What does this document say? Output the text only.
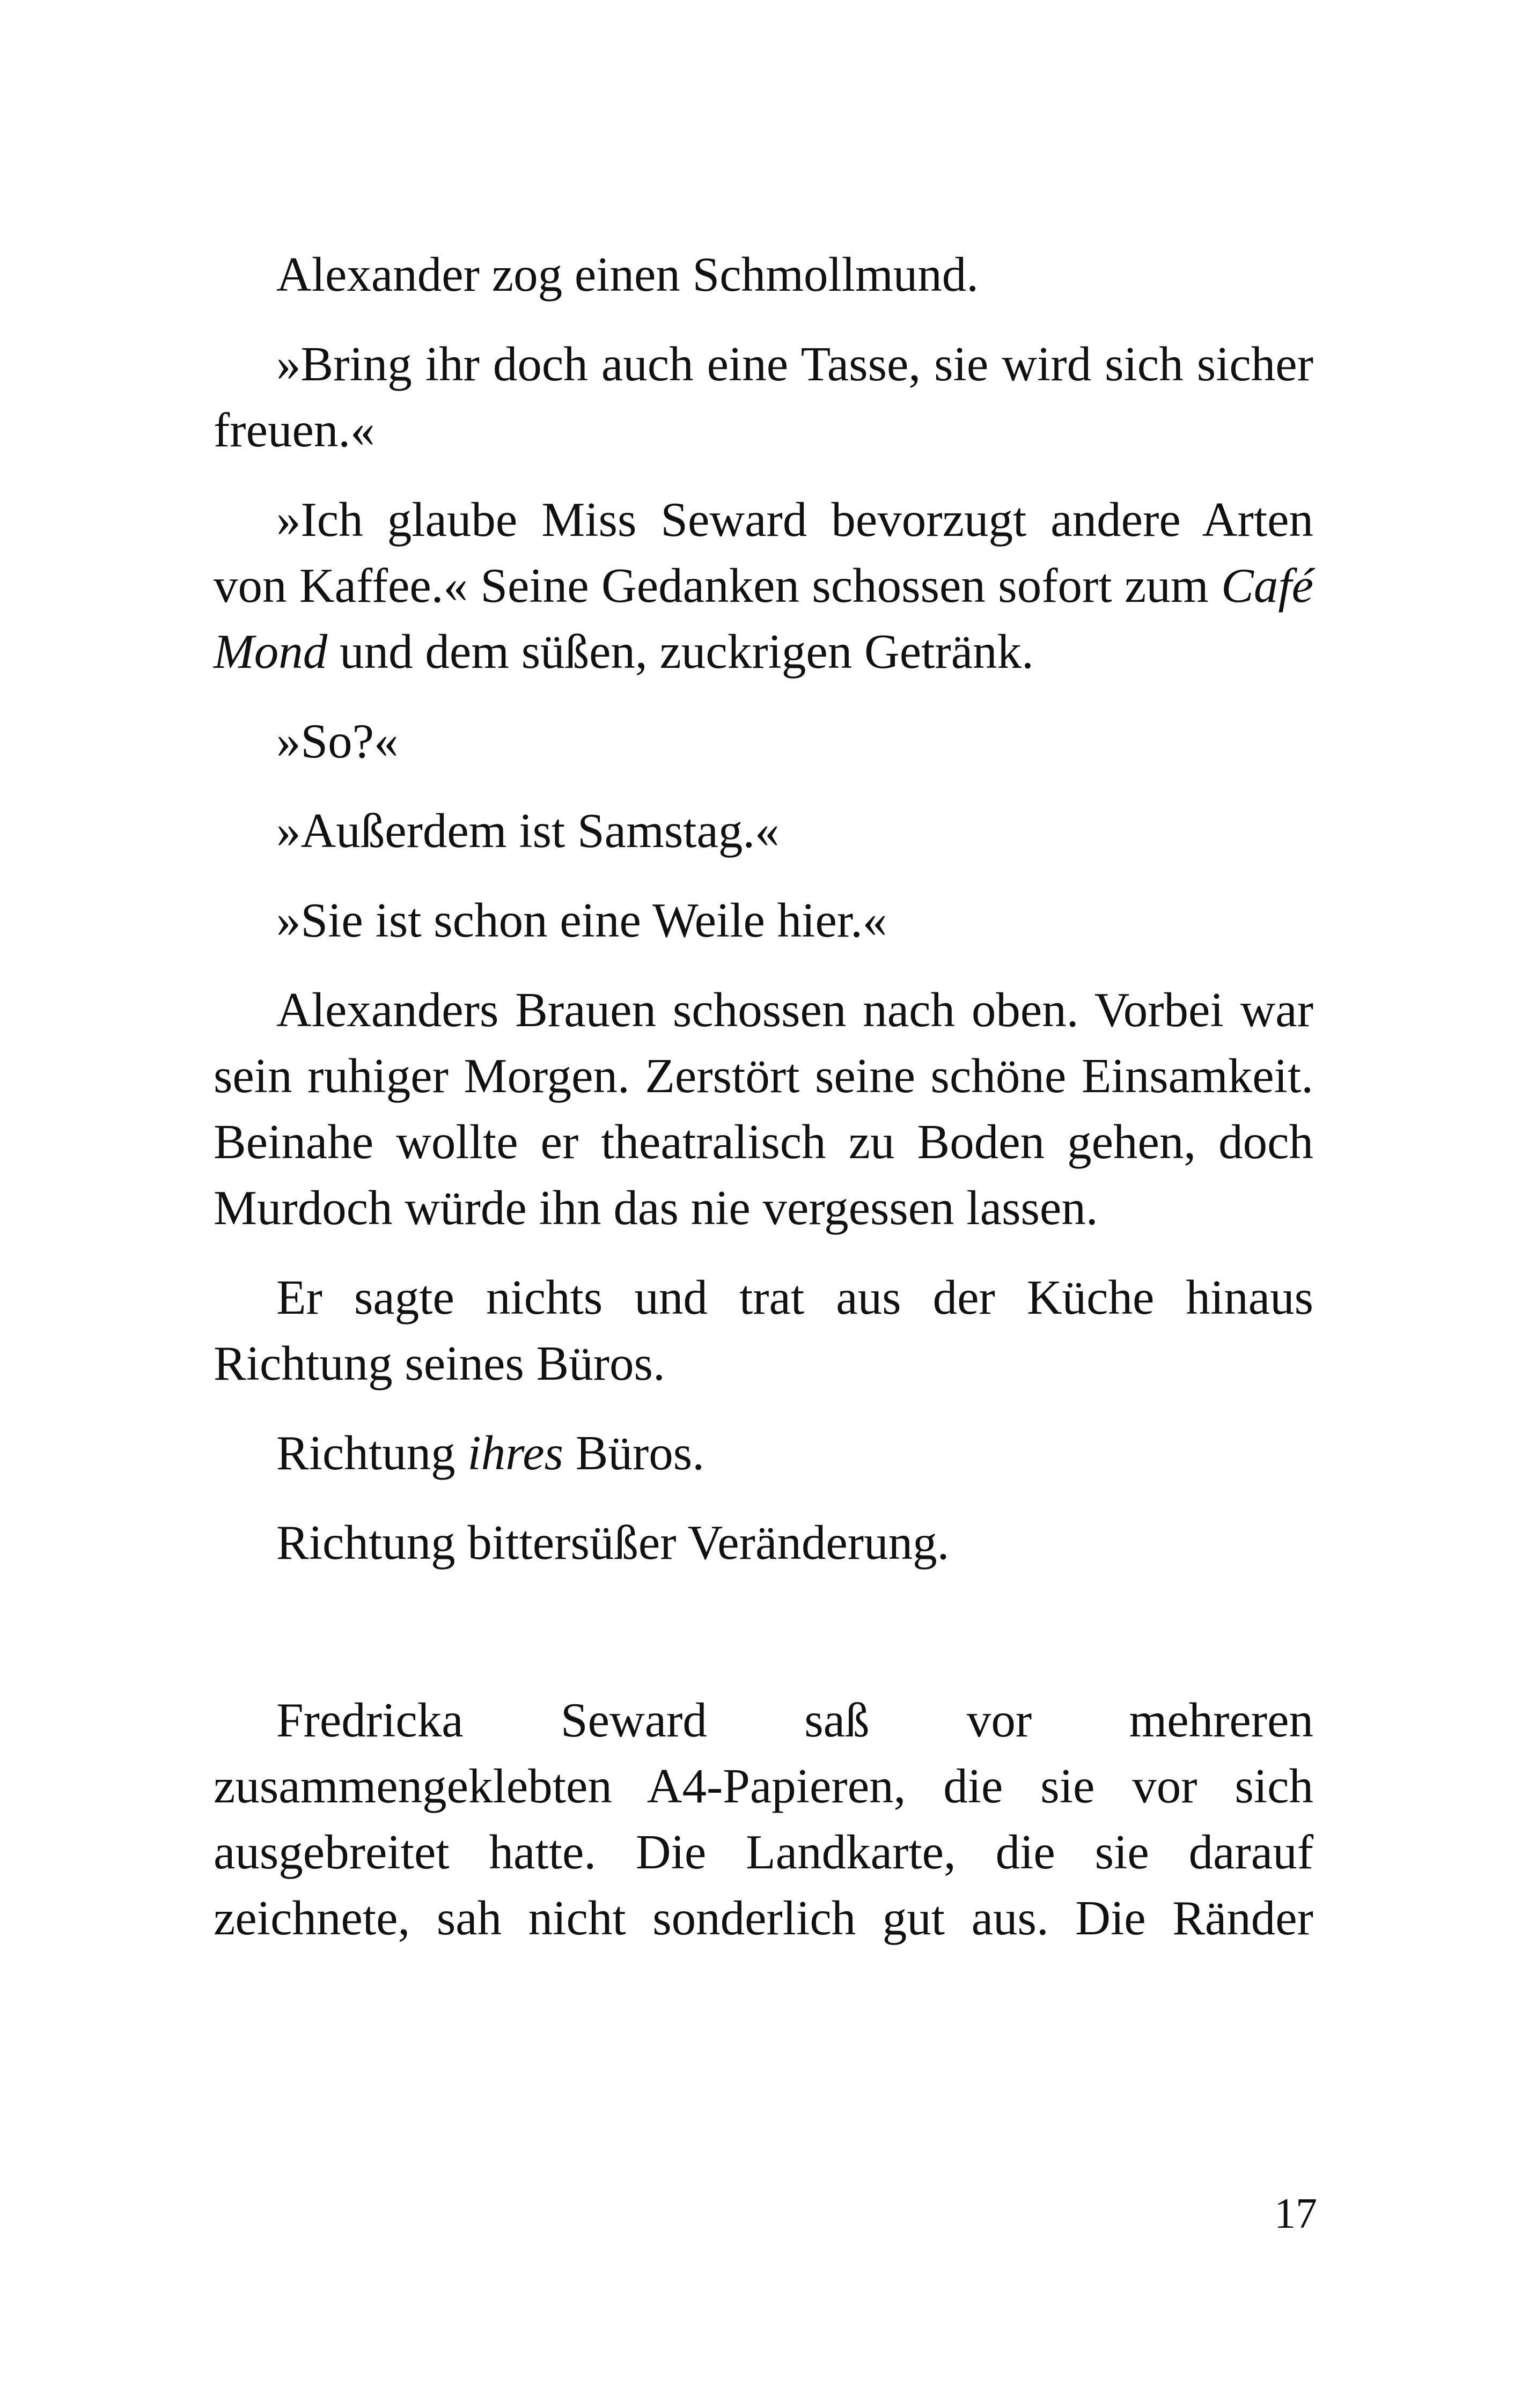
Alexander zog einen Schmollmund.

»Bring ihr doch auch eine Tasse, sie wird sich sicher freuen.«

»Ich glaube Miss Seward bevorzugt andere Arten von Kaffee.« Seine Gedanken schossen sofort zum Café Mond und dem süßen, zuckrigen Getränk.

»So?«

»Außerdem ist Samstag.«

»Sie ist schon eine Weile hier.«

Alexanders Brauen schossen nach oben. Vorbei war sein ruhiger Morgen. Zerstört seine schöne Einsamkeit. Beinahe wollte er theatralisch zu Boden gehen, doch Murdoch würde ihn das nie vergessen lassen.

Er sagte nichts und trat aus der Küche hinaus Richtung seines Büros.

Richtung ihres Büros.

Richtung bittersüßer Veränderung.

Fredricka Seward saß vor mehreren zusammengeklebten A4-Papieren, die sie vor sich ausgebreitet hatte. Die Landkarte, die sie darauf zeichnete, sah nicht sonderlich gut aus. Die Ränder

17
